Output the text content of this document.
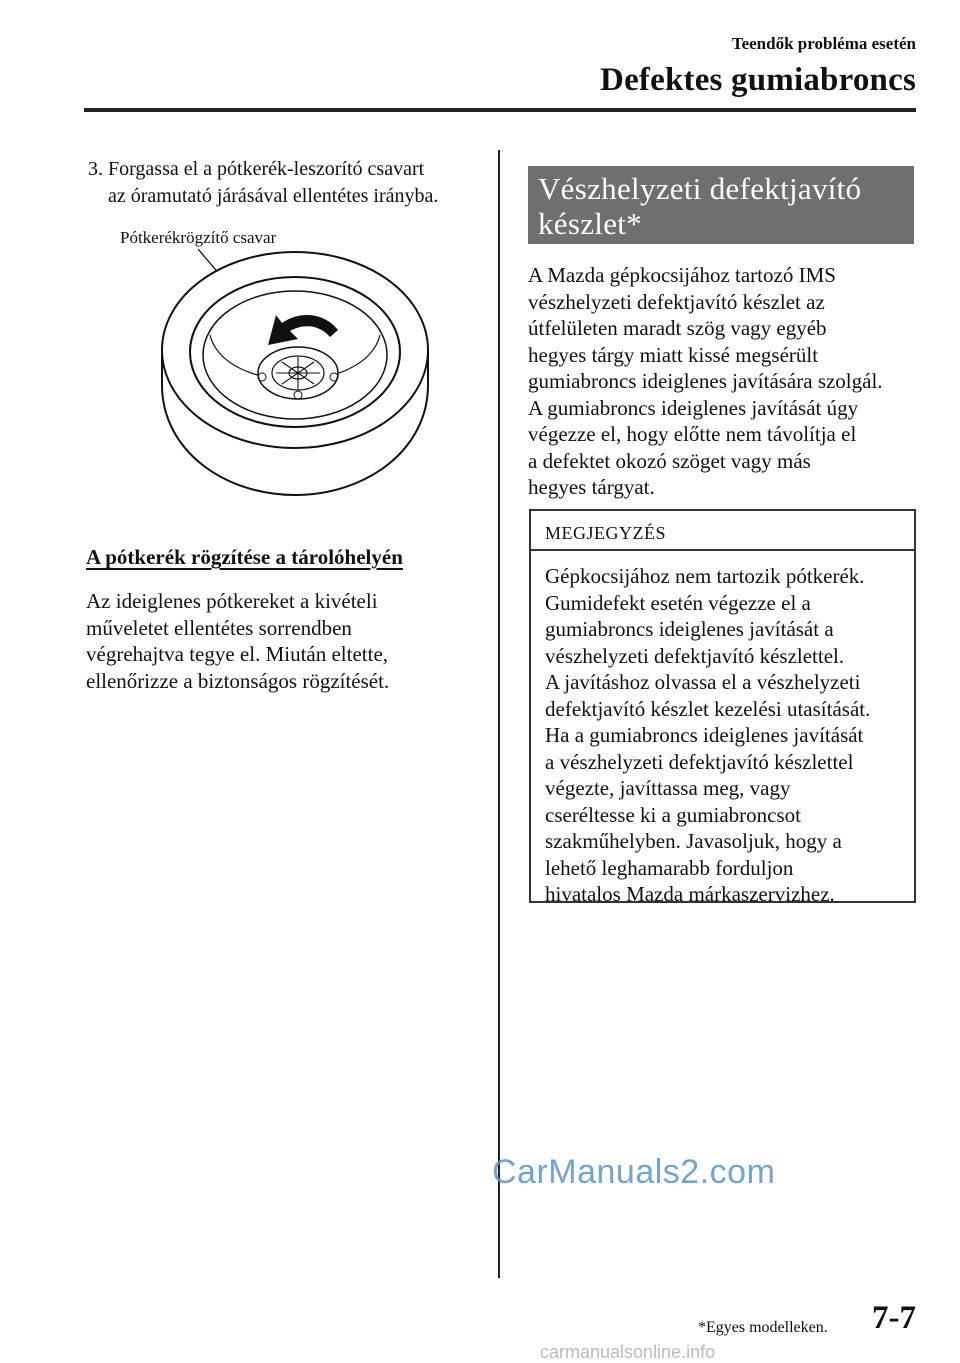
Teendők probléma esetén
Defektes gumiabroncs
3. Forgassa el a pótkerék-leszorító csavart
az óramutató járásával ellentétes irányba.
Pótkerékrögzítő csavar
A pótkerék rögzítése a tárolóhelyén
Az ideiglenes pótkereket a kivételi
műveletet ellentétes sorrendben
végrehajtva tegye el. Miután eltette,
ellenőrizze a biztonságos rögzítését.
Vészhelyzeti defektjavító
készlet*
A Mazda gépkocsijához tartozó IMS
vészhelyzeti defektjavító készlet az
útfelületen maradt szög vagy egyéb
hegyes tárgy miatt kissé megsérült
gumiabroncs ideiglenes javítására szolgál.
A gumiabroncs ideiglenes javítását úgy
végezze el, hogy előtte nem távolítja el
a defektet okozó szöget vagy más
hegyes tárgyat.
MEGJEGYZÉS
Gépkocsijához nem tartozik pótkerék.
Gumidefekt esetén végezze el a
gumiabroncs ideiglenes javítását a
vészhelyzeti defektjavító készlettel.
A javításhoz olvassa el a vészhelyzeti
defektjavító készlet kezelési utasítását.
Ha a gumiabroncs ideiglenes javítását
a vészhelyzeti defektjavító készlettel
végezte, javíttassa meg, vagy
cseréltesse ki a gumiabroncsot
szakműhelyben. Javasoljuk, hogy a
lehető leghamarabb forduljon
hivatalos Mazda márkaszervizhez.
CarManuals2.com
*Egyes modelleken. 7-7
carmanualsonline.info
